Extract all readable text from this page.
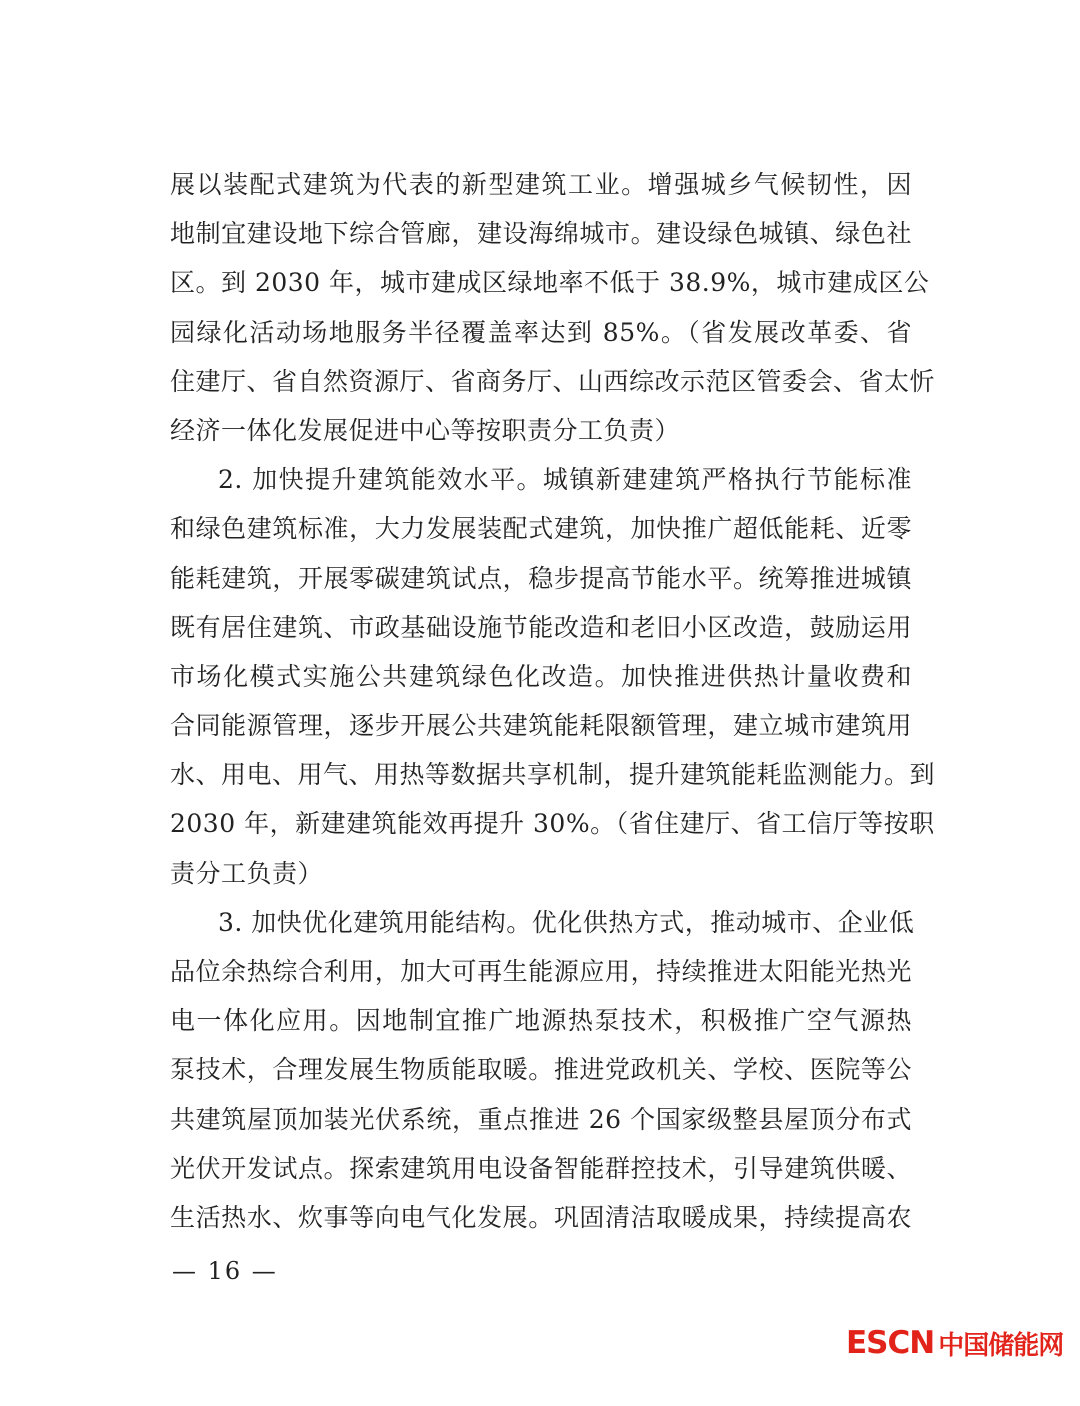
展以装配式建筑为代表的新型建筑工业。增强城乡气候韧性，因
地制宜建设地下综合管廊，建设海绵城市。建设绿色城镇、绿色社
区。到 2030 年，城市建成区绿地率不低于 38.9%，城市建成区公
园绿化活动场地服务半径覆盖率达到 85%。（省发展改革委、省
住建厅、省自然资源厅、省商务厅、山西综改示范区管委会、省太忻
经济一体化发展促进中心等按职责分工负责）
2. 加快提升建筑能效水平。城镇新建建筑严格执行节能标准
和绿色建筑标准，大力发展装配式建筑，加快推广超低能耗、近零
能耗建筑，开展零碳建筑试点，稳步提高节能水平。统筹推进城镇
既有居住建筑、市政基础设施节能改造和老旧小区改造，鼓励运用
市场化模式实施公共建筑绿色化改造。加快推进供热计量收费和
合同能源管理，逐步开展公共建筑能耗限额管理，建立城市建筑用
水、用电、用气、用热等数据共享机制，提升建筑能耗监测能力。到
2030 年，新建建筑能效再提升 30%。（省住建厅、省工信厅等按职
责分工负责）
3. 加快优化建筑用能结构。优化供热方式，推动城市、企业低
品位余热综合利用，加大可再生能源应用，持续推进太阳能光热光
电一体化应用。因地制宜推广地源热泵技术，积极推广空气源热
泵技术，合理发展生物质能取暖。推进党政机关、学校、医院等公
共建筑屋顶加装光伏系统，重点推进 26 个国家级整县屋顶分布式
光伏开发试点。探索建筑用电设备智能群控技术，引导建筑供暖、
生活热水、炊事等向电气化发展。巩固清洁取暖成果，持续提高农
— 16 —
ESCN 中国储能网
